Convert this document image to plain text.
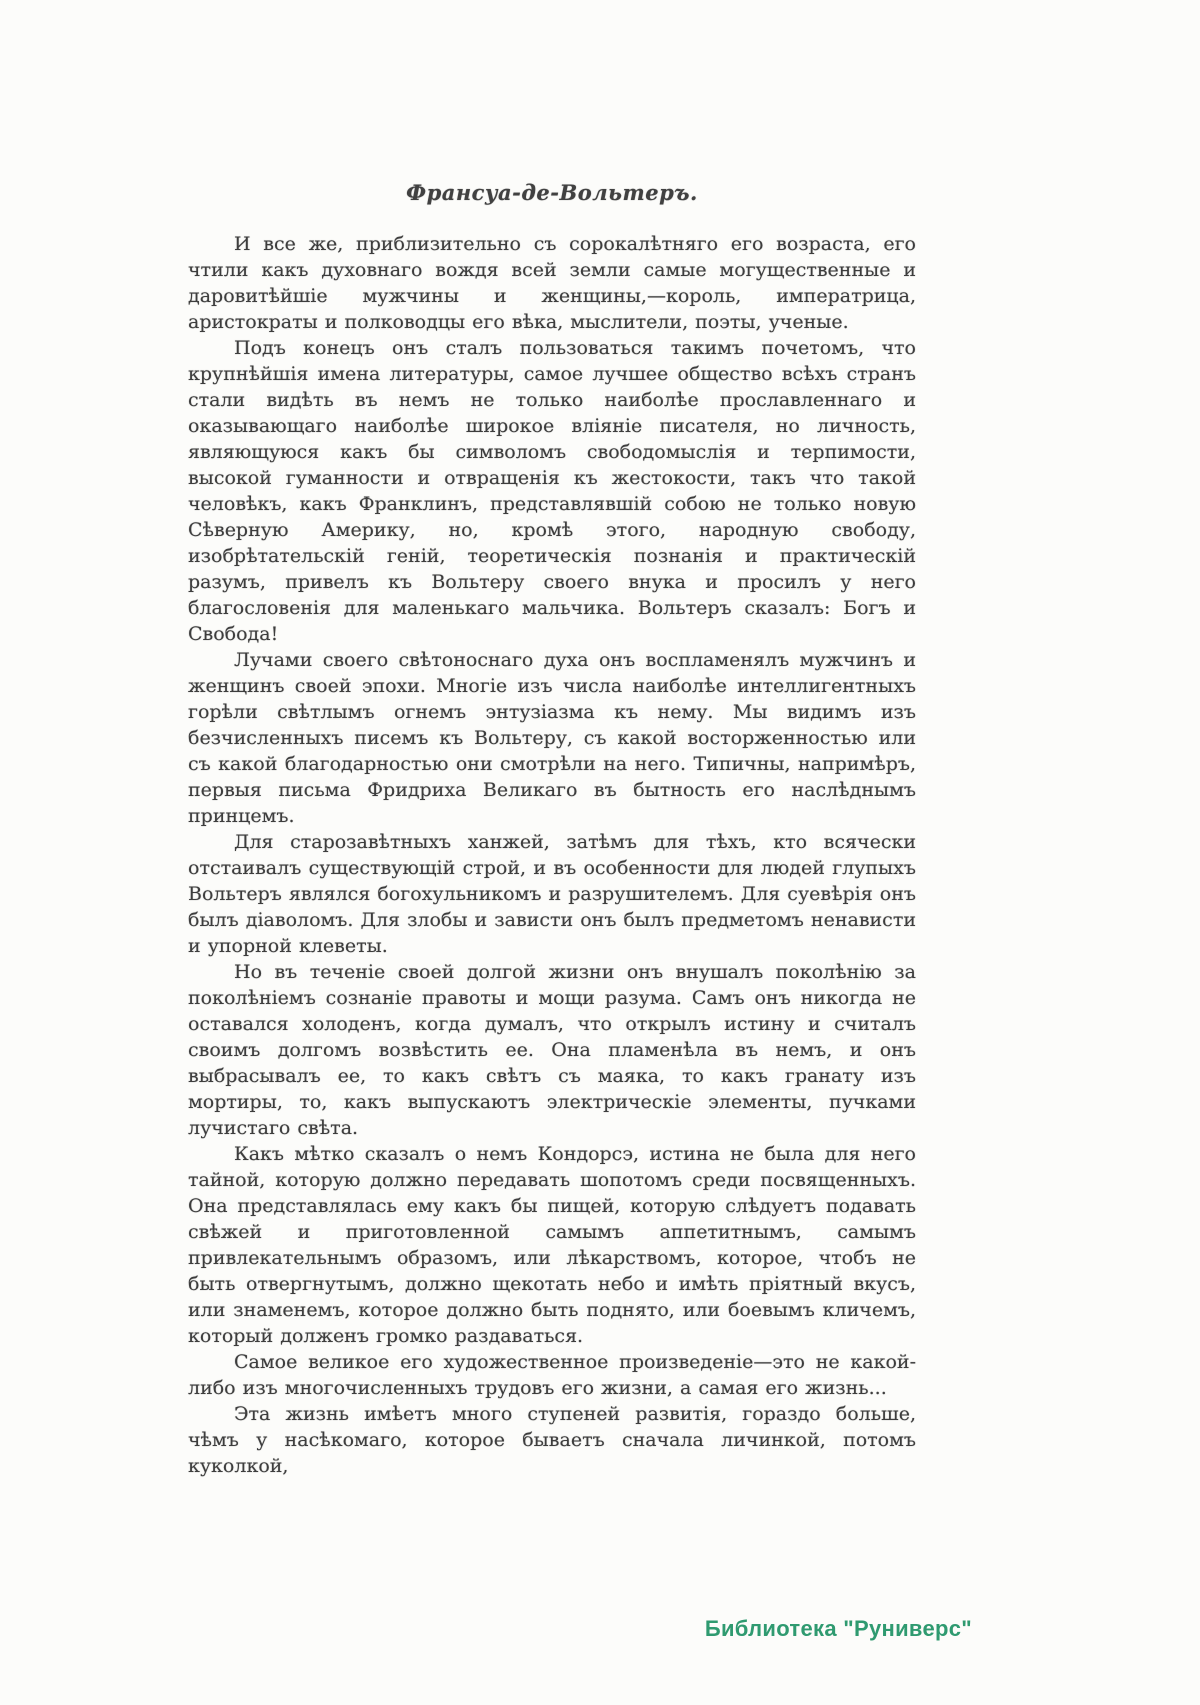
Франсуа-де-Вольтеръ.

И все же, приблизительно съ сорокалѣтняго его возраста, его чтили какъ духовнаго вождя всей земли самые могущественные и даровитѣйшіе мужчины и женщины,—король, императрица, аристократы и полководцы его вѣка, мыслители, поэты, ученые.

Подъ конецъ онъ сталъ пользоваться такимъ почетомъ, что крупнѣйшія имена литературы, самое лучшее общество всѣхъ странъ стали видѣть въ немъ не только наиболѣе прославленнаго и оказывающаго наиболѣе широкое вліяніе писателя, но личность, являющуюся какъ бы символомъ свободомыслія и терпимости, высокой гуманности и отвращенія къ жестокости, такъ что такой человѣкъ, какъ Франклинъ, представлявшій собою не только новую Сѣверную Америку, но, кромѣ этого, народную свободу, изобрѣтательскій геній, теоретическія познанія и практическій разумъ, привелъ къ Вольтеру своего внука и просилъ у него благословенія для маленькаго мальчика. Вольтеръ сказалъ: Богъ и Свобода!

Лучами своего свѣтоноснаго духа онъ воспламенялъ мужчинъ и женщинъ своей эпохи. Многіе изъ числа наиболѣе интеллигентныхъ горѣли свѣтлымъ огнемъ энтузіазма къ нему. Мы видимъ изъ безчисленныхъ писемъ къ Вольтеру, съ какой восторженностью или съ какой благодарностью они смотрѣли на него. Типичны, напримѣръ, первыя письма Фридриха Великаго въ бытность его наслѣднымъ принцемъ.

Для старозавѣтныхъ ханжей, затѣмъ для тѣхъ, кто всячески отстаивалъ существующій строй, и въ особенности для людей глупыхъ Вольтеръ являлся богохульникомъ и разрушителемъ. Для суевѣрія онъ былъ діаволомъ. Для злобы и зависти онъ былъ предметомъ ненависти и упорной клеветы.

Но въ теченіе своей долгой жизни онъ внушалъ поколѣнію за поколѣніемъ сознаніе правоты и мощи разума. Самъ онъ никогда не оставался холоденъ, когда думалъ, что открылъ истину и считалъ своимъ долгомъ возвѣстить ее. Она пламенѣла въ немъ, и онъ выбрасывалъ ее, то какъ свѣтъ съ маяка, то какъ гранату изъ мортиры, то, какъ выпускаютъ электрическіе элементы, пучками лучистаго свѣта.

Какъ мѣтко сказалъ о немъ Кондорсэ, истина не была для него тайной, которую должно передавать шопотомъ среди посвященныхъ. Она представлялась ему какъ бы пищей, которую слѣдуетъ подавать свѣжей и приготовленной самымъ аппетитнымъ, самымъ привлекательнымъ образомъ, или лѣкарствомъ, которое, чтобъ не быть отвергнутымъ, должно щекотать небо и имѣть пріятный вкусъ, или знаменемъ, которое должно быть поднято, или боевымъ кличемъ, который долженъ громко раздаваться.

Самое великое его художественное произведеніе—это не какой-либо изъ многочисленныхъ трудовъ его жизни, а самая его жизнь...

Эта жизнь имѣетъ много ступеней развитія, гораздо больше, чѣмъ у насѣкомаго, которое бываетъ сначала личинкой, потомъ куколкой,

Библиотека "Руниверс"
